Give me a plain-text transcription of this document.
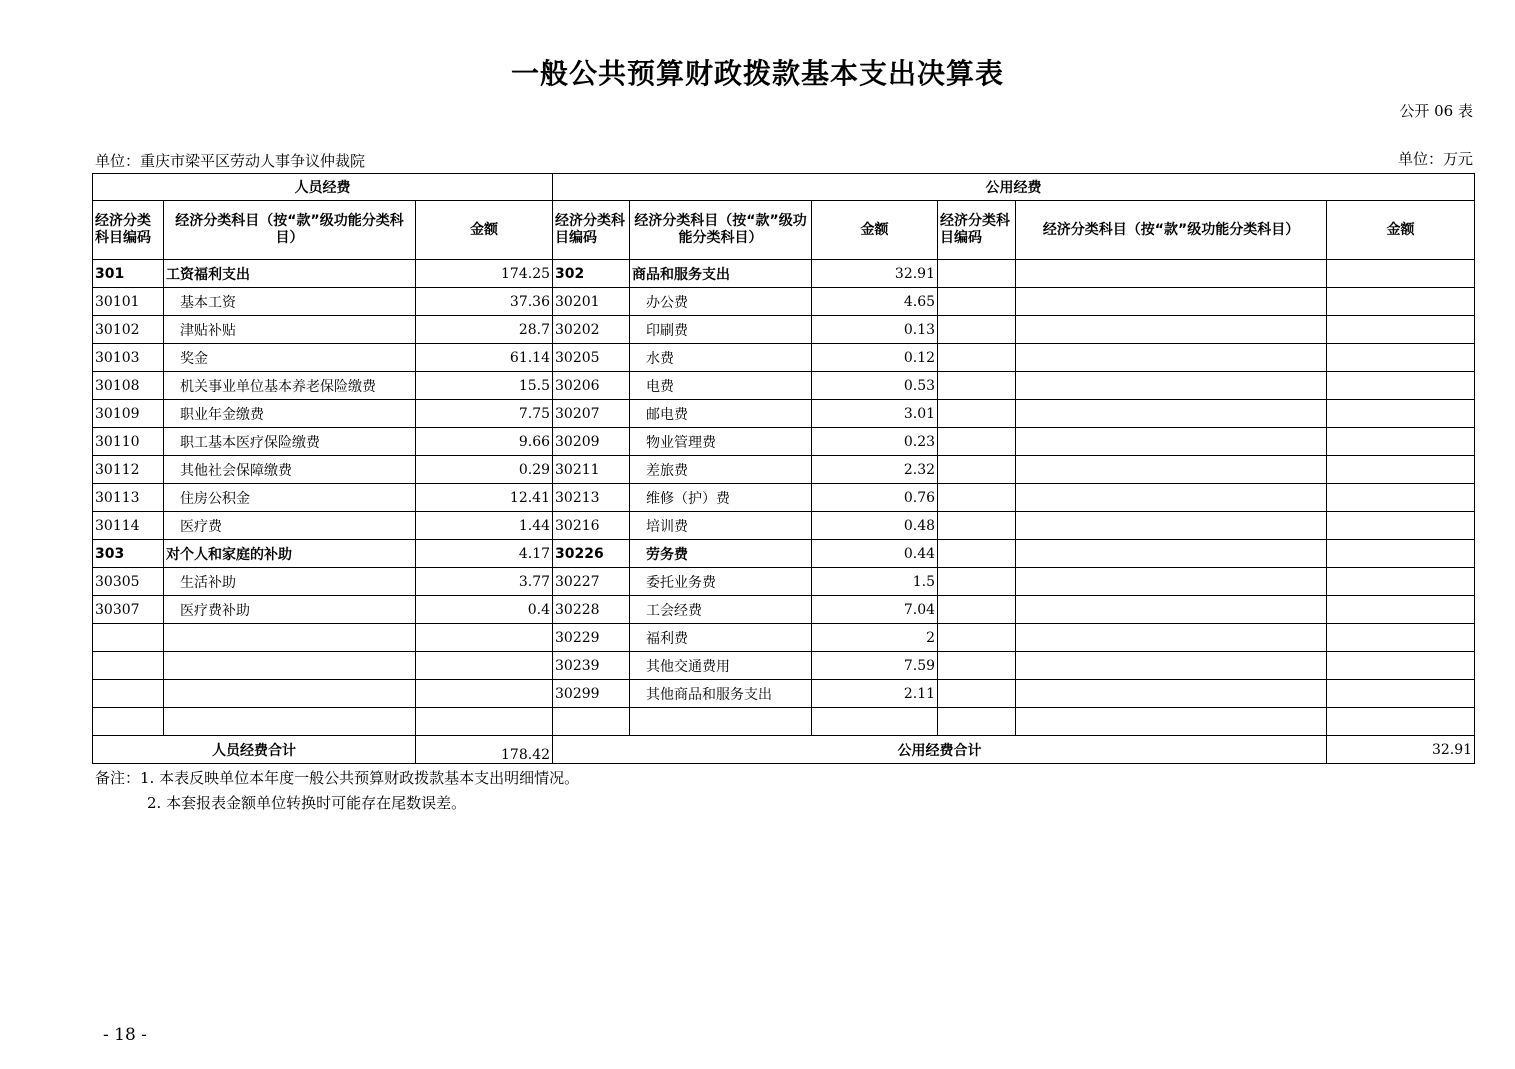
一般公共预算财政拨款基本支出决算表
公开 06 表
单位：重庆市梁平区劳动人事争议仲裁院	单位：万元
人员经费			公用经费					
经济分类科目编码	经济分类科目（按“款”级功能分类科目）	金额	经济分类科目编码	经济分类科目（按“款”级功能分类科目）	金额	经济分类科目编码	经济分类科目（按“款”级功能分类科目）	金额
301	工资福利支出	174.25	302	商品和服务支出	32.91			
30101	基本工资	37.36	30201	办公费	4.65			
30102	津贴补贴	28.7	30202	印刷费	0.13			
30103	奖金	61.14	30205	水费	0.12			
30108	机关事业单位基本养老保险缴费	15.5	30206	电费	0.53			
30109	职业年金缴费	7.75	30207	邮电费	3.01			
30110	职工基本医疗保险缴费	9.66	30209	物业管理费	0.23			
30112	其他社会保障缴费	0.29	30211	差旅费	2.32			
30113	住房公积金	12.41	30213	维修（护）费	0.76			
30114	医疗费	1.44	30216	培训费	0.48			
303	对个人和家庭的补助	4.17	30226	劳务费	0.44			
30305	生活补助	3.77	30227	委托业务费	1.5			
30307	医疗费补助	0.4	30228	工会经费	7.04			
			30229	福利费	2			
			30239	其他交通费用	7.59			
			30299	其他商品和服务支出	2.11			

人员经费合计		178.42	公用经费合计					32.91
备注：1. 本表反映单位本年度一般公共预算财政拨款基本支出明细情况。
2. 本套报表金额单位转换时可能存在尾数误差。
- 18 -
